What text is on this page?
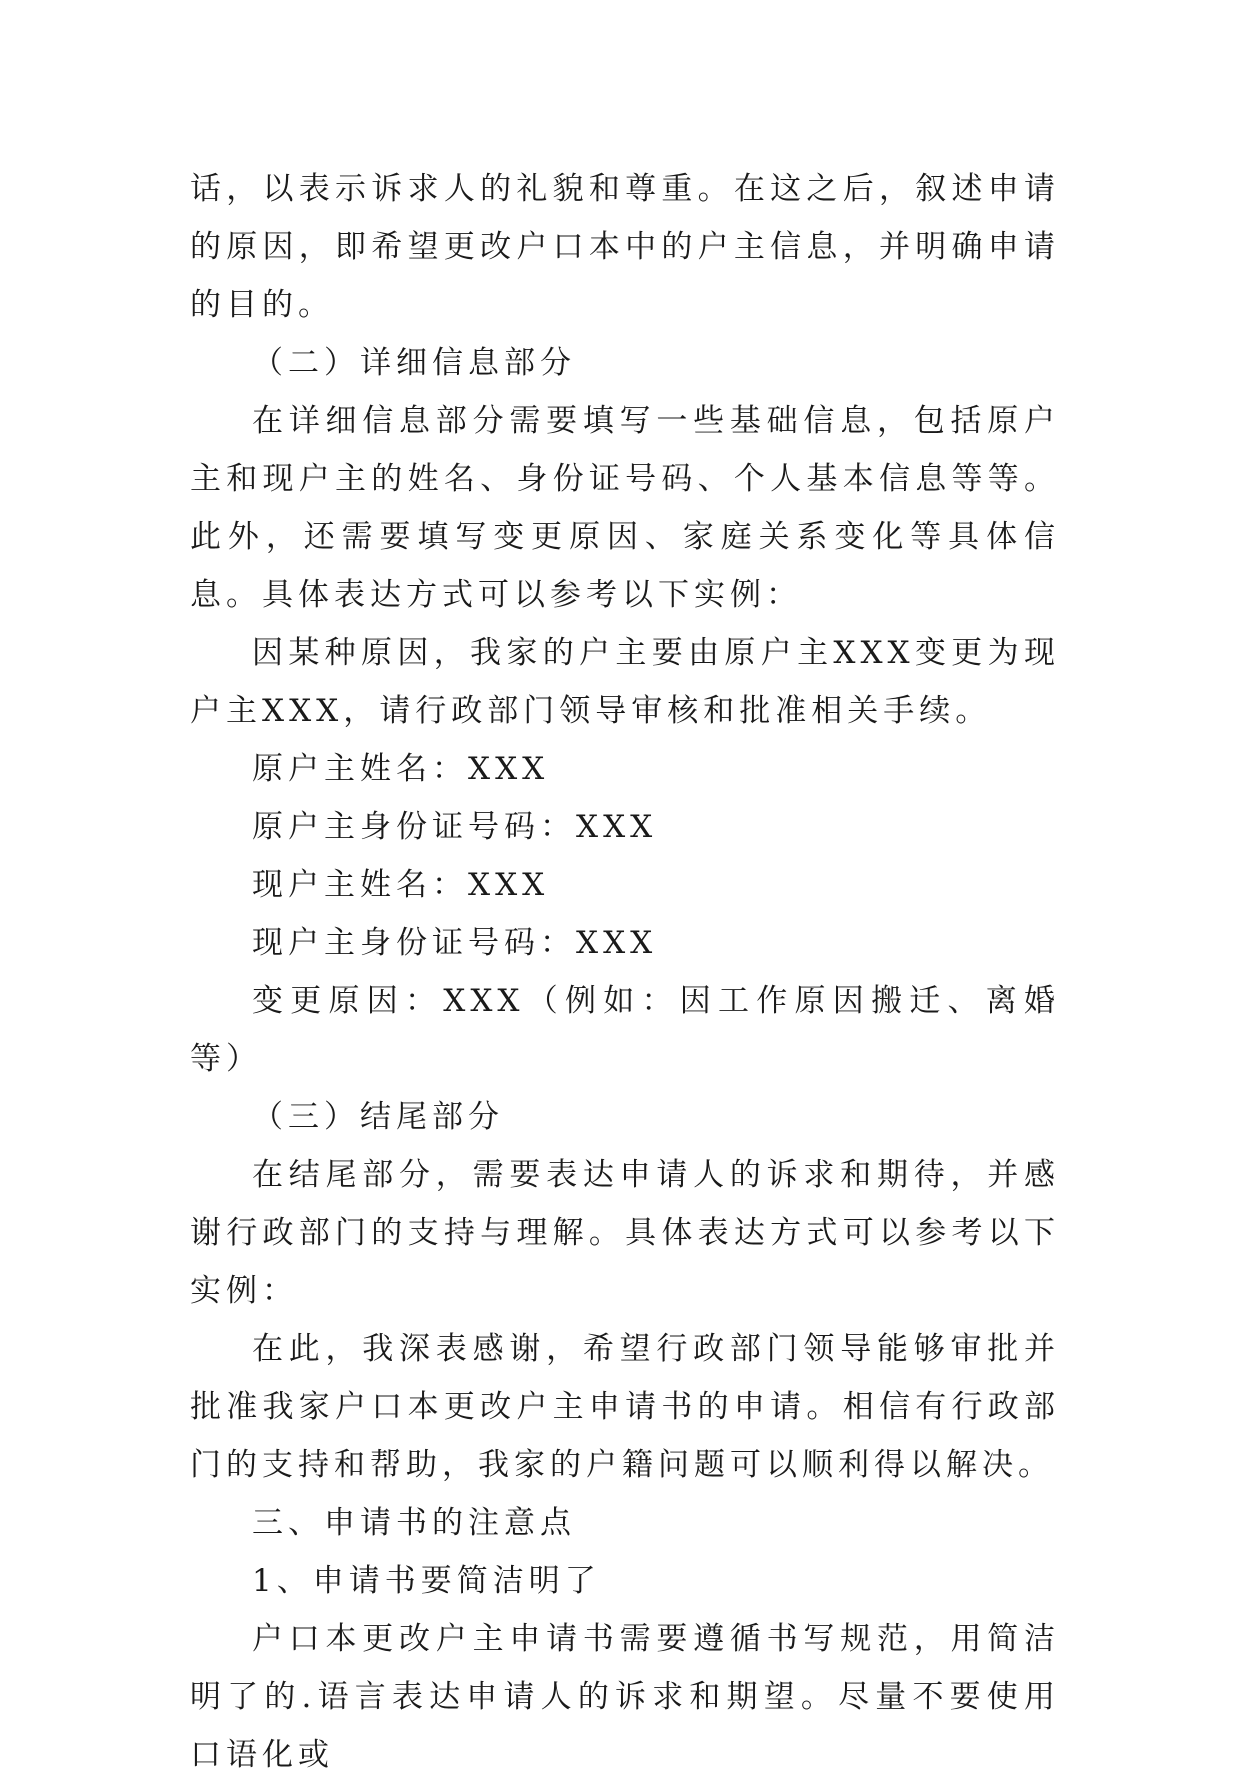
话，以表示诉求人的礼貌和尊重。在这之后，叙述申请的原因，即希望更改户口本中的户主信息，并明确申请的目的。

（二）详细信息部分

在详细信息部分需要填写一些基础信息，包括原户主和现户主的姓名、身份证号码、个人基本信息等等。此外，还需要填写变更原因、家庭关系变化等具体信息。具体表达方式可以参考以下实例：

因某种原因，我家的户主要由原户主XXX变更为现户主XXX，请行政部门领导审核和批准相关手续。

原户主姓名：XXX

原户主身份证号码：XXX

现户主姓名：XXX

现户主身份证号码：XXX

变更原因：XXX（例如：因工作原因搬迁、离婚等）

（三）结尾部分

在结尾部分，需要表达申请人的诉求和期待，并感谢行政部门的支持与理解。具体表达方式可以参考以下实例：

在此，我深表感谢，希望行政部门领导能够审批并批准我家户口本更改户主申请书的申请。相信有行政部门的支持和帮助，我家的户籍问题可以顺利得以解决。

三、申请书的注意点

1、申请书要简洁明了

户口本更改户主申请书需要遵循书写规范，用简洁明了的.语言表达申请人的诉求和期望。尽量不要使用口语化或
